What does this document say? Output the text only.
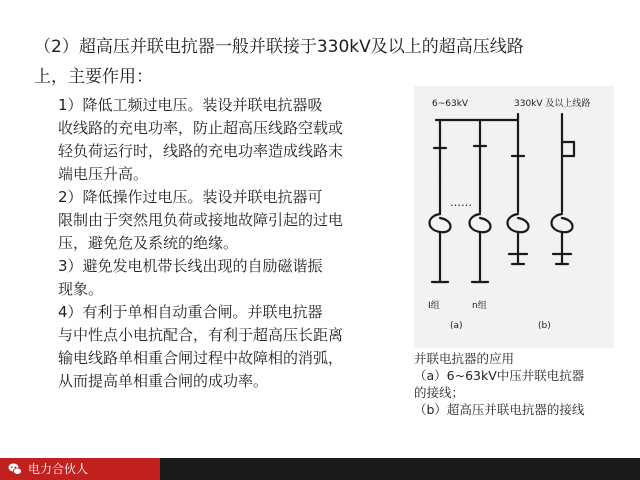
（2）超高压并联电抗器一般并联接于330kV及以上的超高压线路
上，主要作用：

1）降低工频过电压。装设并联电抗器吸
收线路的充电功率，防止超高压线路空载或
轻负荷运行时，线路的充电功率造成线路末
端电压升高。

2）降低操作过电压。装设并联电抗器可
限制由于突然甩负荷或接地故障引起的过电
压，避免危及系统的绝缘。

3）避免发电机带长线出现的自励磁谐振
现象。

4）有利于单相自动重合闸。并联电抗器
与中性点小电抗配合，有利于超高压长距离
输电线路单相重合闸过程中故障相的消弧，
从而提高单相重合闸的成功率。

6~63kV	330kV 及以上线路
……
Ⅰ组	n组
(a)	(b)
并联电抗器的应用
（a）6~63kV中压并联电抗器
的接线；
（b）超高压并联电抗器的接线
电力合伙人
